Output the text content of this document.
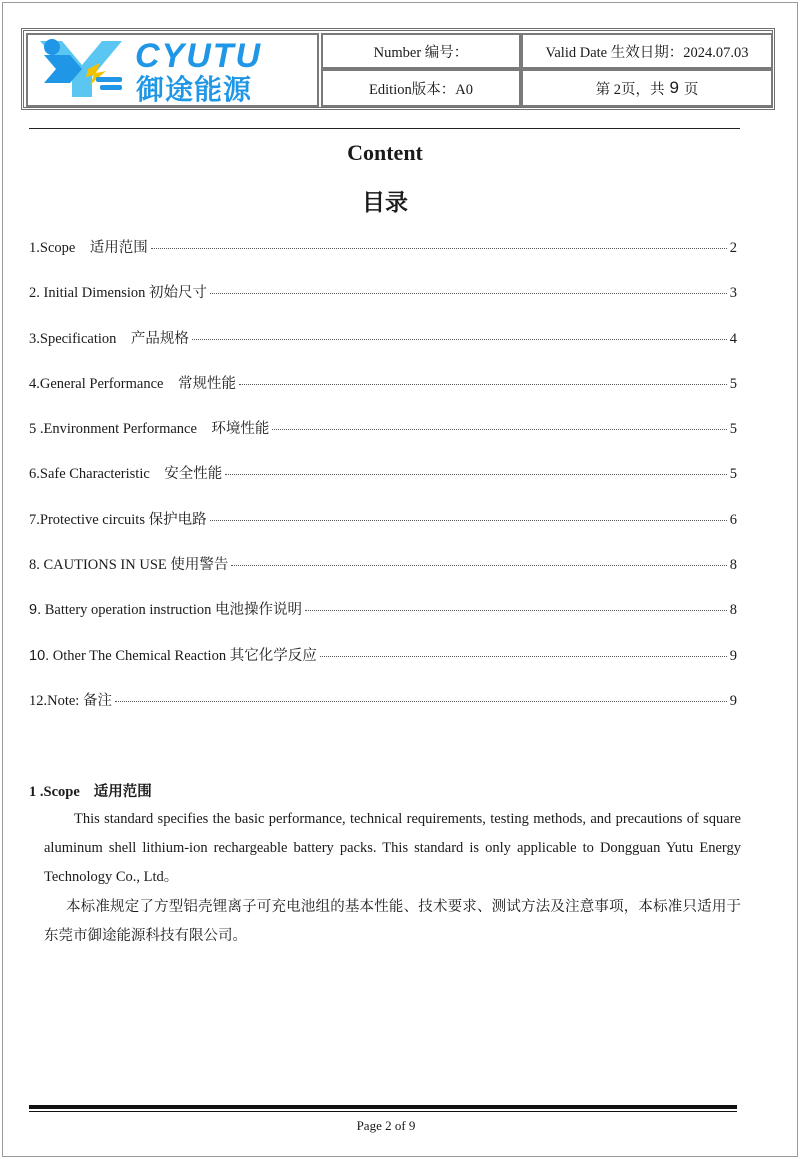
CYUTU
御途能源
Number 编号：	Valid Date 生效日期：2024.07.03
Edition版本：A0	第 2页，共 9 页
Content
目录
1.Scope　适用范围	2
2. Initial Dimension 初始尺寸	3
3.Specification　产品规格	4
4.General Performance　常规性能	5
5 .Environment Performance　环境性能	5
6.Safe Characteristic　安全性能	5
7.Protective circuits 保护电路	6
8. CAUTIONS IN USE 使用警告	8
9. Battery operation instruction 电池操作说明	8
10. Other The Chemical Reaction 其它化学反应	9
12.Note: 备注	9
1 .Scope 适用范围
This standard specifies the basic performance, technical requirements, testing methods, and precautions of square aluminum shell lithium-ion rechargeable battery packs. This standard is only applicable to Dongguan Yutu Energy Technology Co., Ltd。
本标准规定了方型铝壳锂离子可充电池组的基本性能、技术要求、测试方法及注意事项，本标准只适用于东莞市御途能源科技有限公司。
Page 2 of 9
